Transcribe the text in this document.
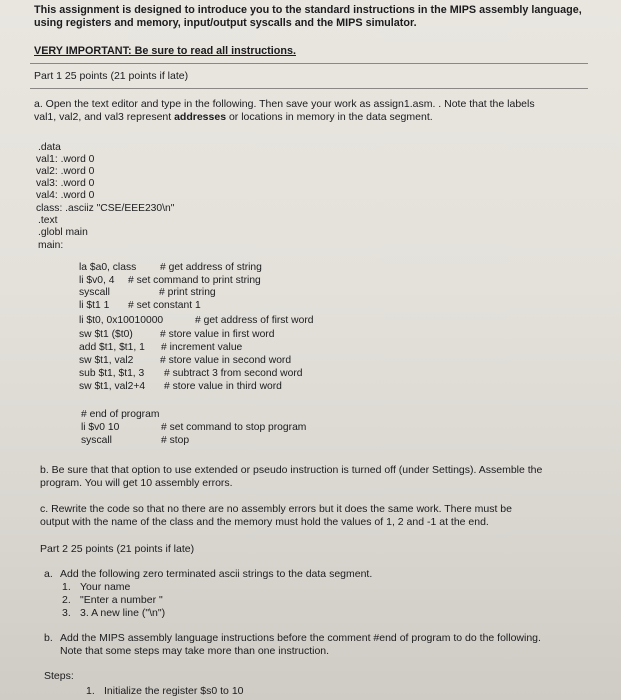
This assignment is designed to introduce you to the standard instructions in the MIPS assembly language,
using registers and memory, input/output syscalls and the MIPS simulator.
VERY IMPORTANT: Be sure to read all instructions.
Part 1 25 points (21 points if late)
a. Open the text editor and type in the following. Then save your work as assign1.asm. . Note that the labels
val1, val2, and val3 represent addresses or locations in memory in the data segment.
.data
val1: .word 0
val2: .word 0
val3: .word 0
val4: .word 0
class: .asciiz "CSE/EEE230\n"
.text
.globl main
main:
la $a0, class # get address of string
li $v0, 4 # set command to print string
syscall	# print string
li $t1 1 # set constant 1
li $t0, 0x10010000	# get address of first word
sw $t1 ($t0)	# store value in first word
add $t1, $t1, 1 # increment value
sw $t1, val2	# store value in second word
sub $t1, $t1, 3 # subtract 3 from second word
sw $t1, val2+4 # store value in third word
# end of program
li $v0 10	# set command to stop program
syscall	# stop
b. Be sure that that option to use extended or pseudo instruction is turned off (under Settings). Assemble the
program. You will get 10 assembly errors.
c. Rewrite the code so that no there are no assembly errors but it does the same work. There must be
output with the name of the class and the memory must hold the values of 1, 2 and -1 at the end.
Part 2 25 points (21 points if late)
a. Add the following zero terminated ascii strings to the data segment.
1. Your name
2. "Enter a number "
3. 3. A new line ("\n")
b. Add the MIPS assembly language instructions before the comment #end of program to do the following.
Note that some steps may take more than one instruction.
Steps:
1. Initialize the register $s0 to 10
